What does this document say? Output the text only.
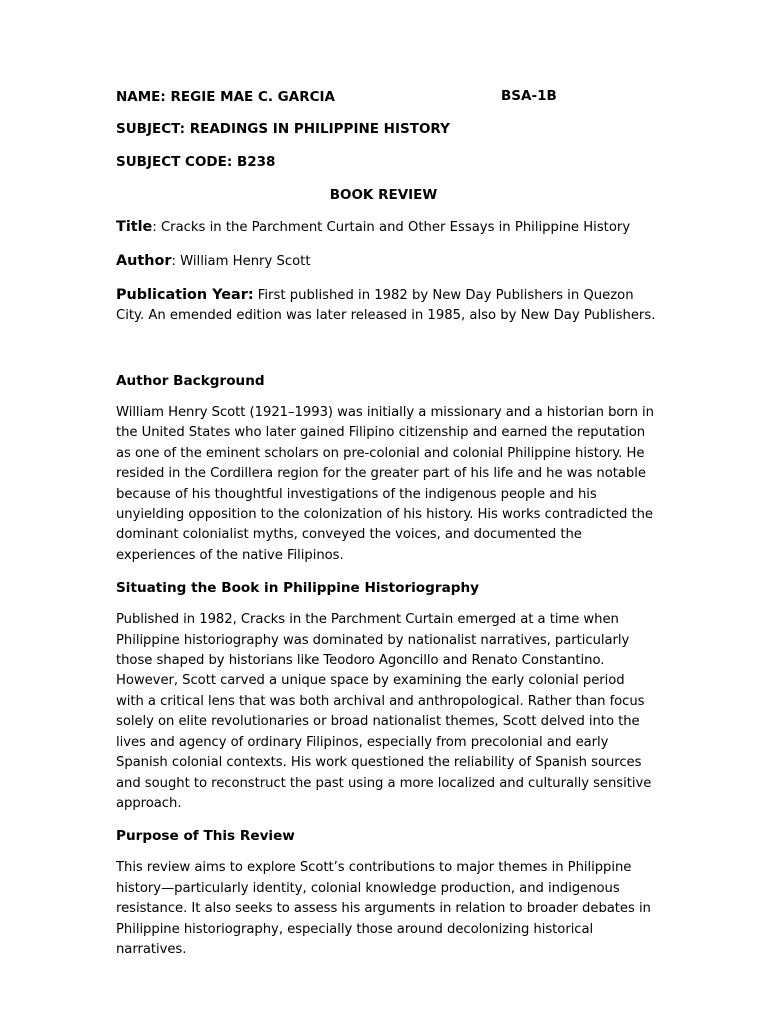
NAME: REGIE MAE C. GARCIA	BSA-1B

SUBJECT: READINGS IN PHILIPPINE HISTORY

SUBJECT CODE: B238

BOOK REVIEW

Title: Cracks in the Parchment Curtain and Other Essays in Philippine History

Author: William Henry Scott

Publication Year: First published in 1982 by New Day Publishers in Quezon City. An emended edition was later released in 1985, also by New Day Publishers.

Author Background

William Henry Scott (1921–1993) was initially a missionary and a historian born in the United States who later gained Filipino citizenship and earned the reputation as one of the eminent scholars on pre-colonial and colonial Philippine history. He resided in the Cordillera region for the greater part of his life and he was notable because of his thoughtful investigations of the indigenous people and his unyielding opposition to the colonization of his history. His works contradicted the dominant colonialist myths, conveyed the voices, and documented the experiences of the native Filipinos.

Situating the Book in Philippine Historiography

Published in 1982, Cracks in the Parchment Curtain emerged at a time when Philippine historiography was dominated by nationalist narratives, particularly those shaped by historians like Teodoro Agoncillo and Renato Constantino. However, Scott carved a unique space by examining the early colonial period with a critical lens that was both archival and anthropological. Rather than focus solely on elite revolutionaries or broad nationalist themes, Scott delved into the lives and agency of ordinary Filipinos, especially from precolonial and early Spanish colonial contexts. His work questioned the reliability of Spanish sources and sought to reconstruct the past using a more localized and culturally sensitive approach.

Purpose of This Review

This review aims to explore Scott’s contributions to major themes in Philippine history—particularly identity, colonial knowledge production, and indigenous resistance. It also seeks to assess his arguments in relation to broader debates in Philippine historiography, especially those around decolonizing historical narratives.
